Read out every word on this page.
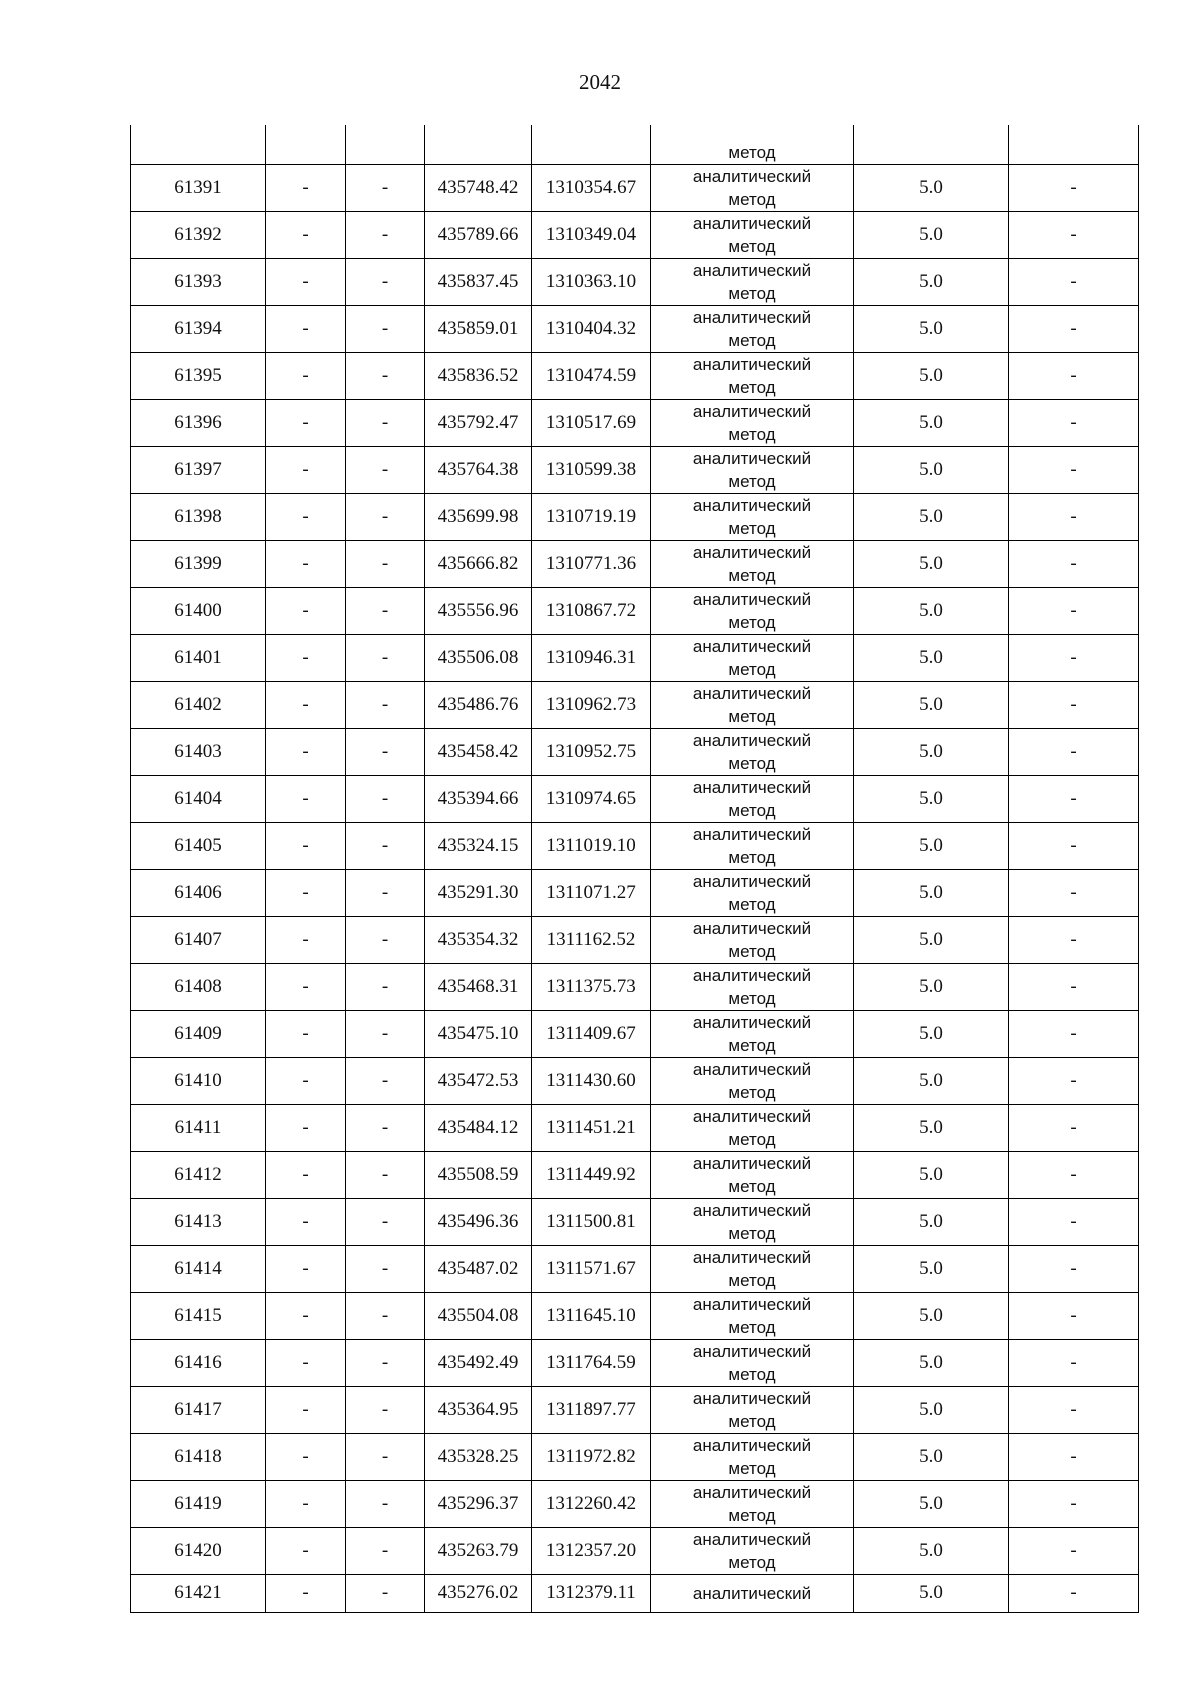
2042

					метод		

61391	-	-	435748.42	1310354.67	аналитический
метод	5.0	-
61392	-	-	435789.66	1310349.04	аналитический
метод	5.0	-
61393	-	-	435837.45	1310363.10	аналитический
метод	5.0	-
61394	-	-	435859.01	1310404.32	аналитический
метод	5.0	-
61395	-	-	435836.52	1310474.59	аналитический
метод	5.0	-
61396	-	-	435792.47	1310517.69	аналитический
метод	5.0	-
61397	-	-	435764.38	1310599.38	аналитический
метод	5.0	-
61398	-	-	435699.98	1310719.19	аналитический
метод	5.0	-
61399	-	-	435666.82	1310771.36	аналитический
метод	5.0	-
61400	-	-	435556.96	1310867.72	аналитический
метод	5.0	-
61401	-	-	435506.08	1310946.31	аналитический
метод	5.0	-
61402	-	-	435486.76	1310962.73	аналитический
метод	5.0	-
61403	-	-	435458.42	1310952.75	аналитический
метод	5.0	-
61404	-	-	435394.66	1310974.65	аналитический
метод	5.0	-
61405	-	-	435324.15	1311019.10	аналитический
метод	5.0	-
61406	-	-	435291.30	1311071.27	аналитический
метод	5.0	-
61407	-	-	435354.32	1311162.52	аналитический
метод	5.0	-
61408	-	-	435468.31	1311375.73	аналитический
метод	5.0	-
61409	-	-	435475.10	1311409.67	аналитический
метод	5.0	-
61410	-	-	435472.53	1311430.60	аналитический
метод	5.0	-
61411	-	-	435484.12	1311451.21	аналитический
метод	5.0	-
61412	-	-	435508.59	1311449.92	аналитический
метод	5.0	-
61413	-	-	435496.36	1311500.81	аналитический
метод	5.0	-
61414	-	-	435487.02	1311571.67	аналитический
метод	5.0	-
61415	-	-	435504.08	1311645.10	аналитический
метод	5.0	-
61416	-	-	435492.49	1311764.59	аналитический
метод	5.0	-
61417	-	-	435364.95	1311897.77	аналитический
метод	5.0	-
61418	-	-	435328.25	1311972.82	аналитический
метод	5.0	-
61419	-	-	435296.37	1312260.42	аналитический
метод	5.0	-
61420	-	-	435263.79	1312357.20	аналитический
метод	5.0	-
61421	-	-	435276.02	1312379.11	аналитический	5.0	-
